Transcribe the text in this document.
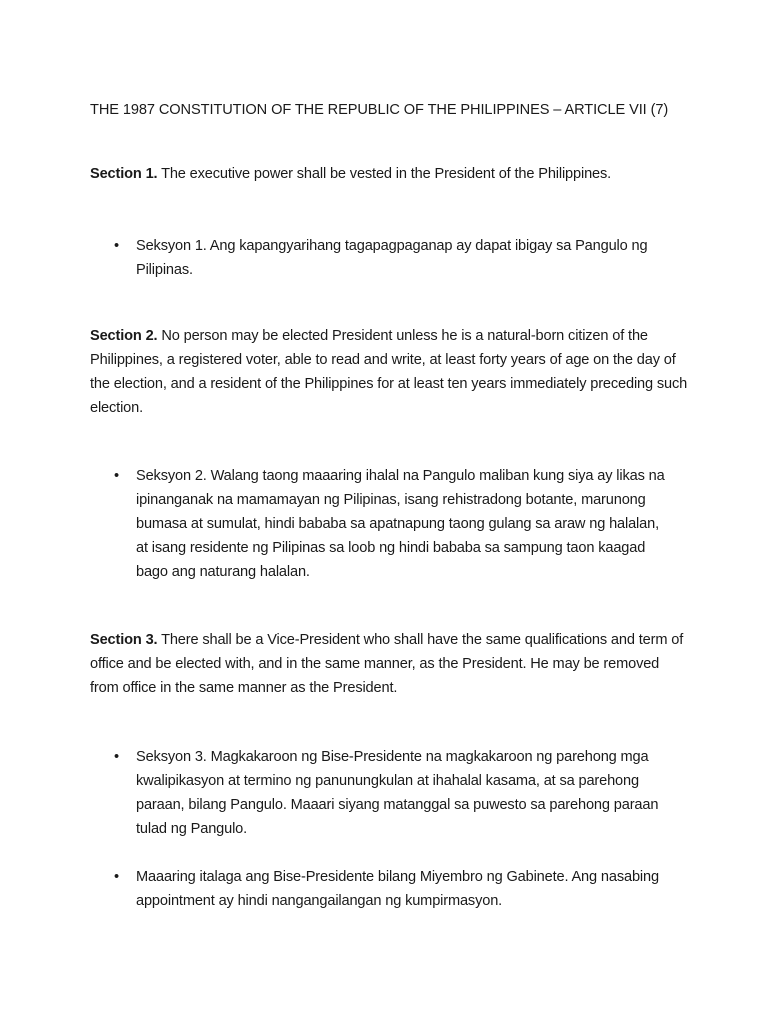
THE 1987 CONSTITUTION OF THE REPUBLIC OF THE PHILIPPINES – ARTICLE VII (7)

Section 1. The executive power shall be vested in the President of the Philippines.

•	Seksyon 1. Ang kapangyarihang tagapagpaganap ay dapat ibigay sa Pangulo ng Pilipinas.

Section 2. No person may be elected President unless he is a natural-born citizen of the Philippines, a registered voter, able to read and write, at least forty years of age on the day of the election, and a resident of the Philippines for at least ten years immediately preceding such election.

•	Seksyon 2. Walang taong maaaring ihalal na Pangulo maliban kung siya ay likas na ipinanganak na mamamayan ng Pilipinas, isang rehistradong botante, marunong bumasa at sumulat, hindi bababa sa apatnapung taong gulang sa araw ng halalan, at isang residente ng Pilipinas sa loob ng hindi bababa sa sampung taon kaagad bago ang naturang halalan.

Section 3. There shall be a Vice-President who shall have the same qualifications and term of office and be elected with, and in the same manner, as the President. He may be removed from office in the same manner as the President.

•	Seksyon 3. Magkakaroon ng Bise-Presidente na magkakaroon ng parehong mga kwalipikasyon at termino ng panunungkulan at ihahalal kasama, at sa parehong paraan, bilang Pangulo. Maaari siyang matanggal sa puwesto sa parehong paraan tulad ng Pangulo.
•	Maaaring italaga ang Bise-Presidente bilang Miyembro ng Gabinete. Ang nasabing appointment ay hindi nangangailangan ng kumpirmasyon.
